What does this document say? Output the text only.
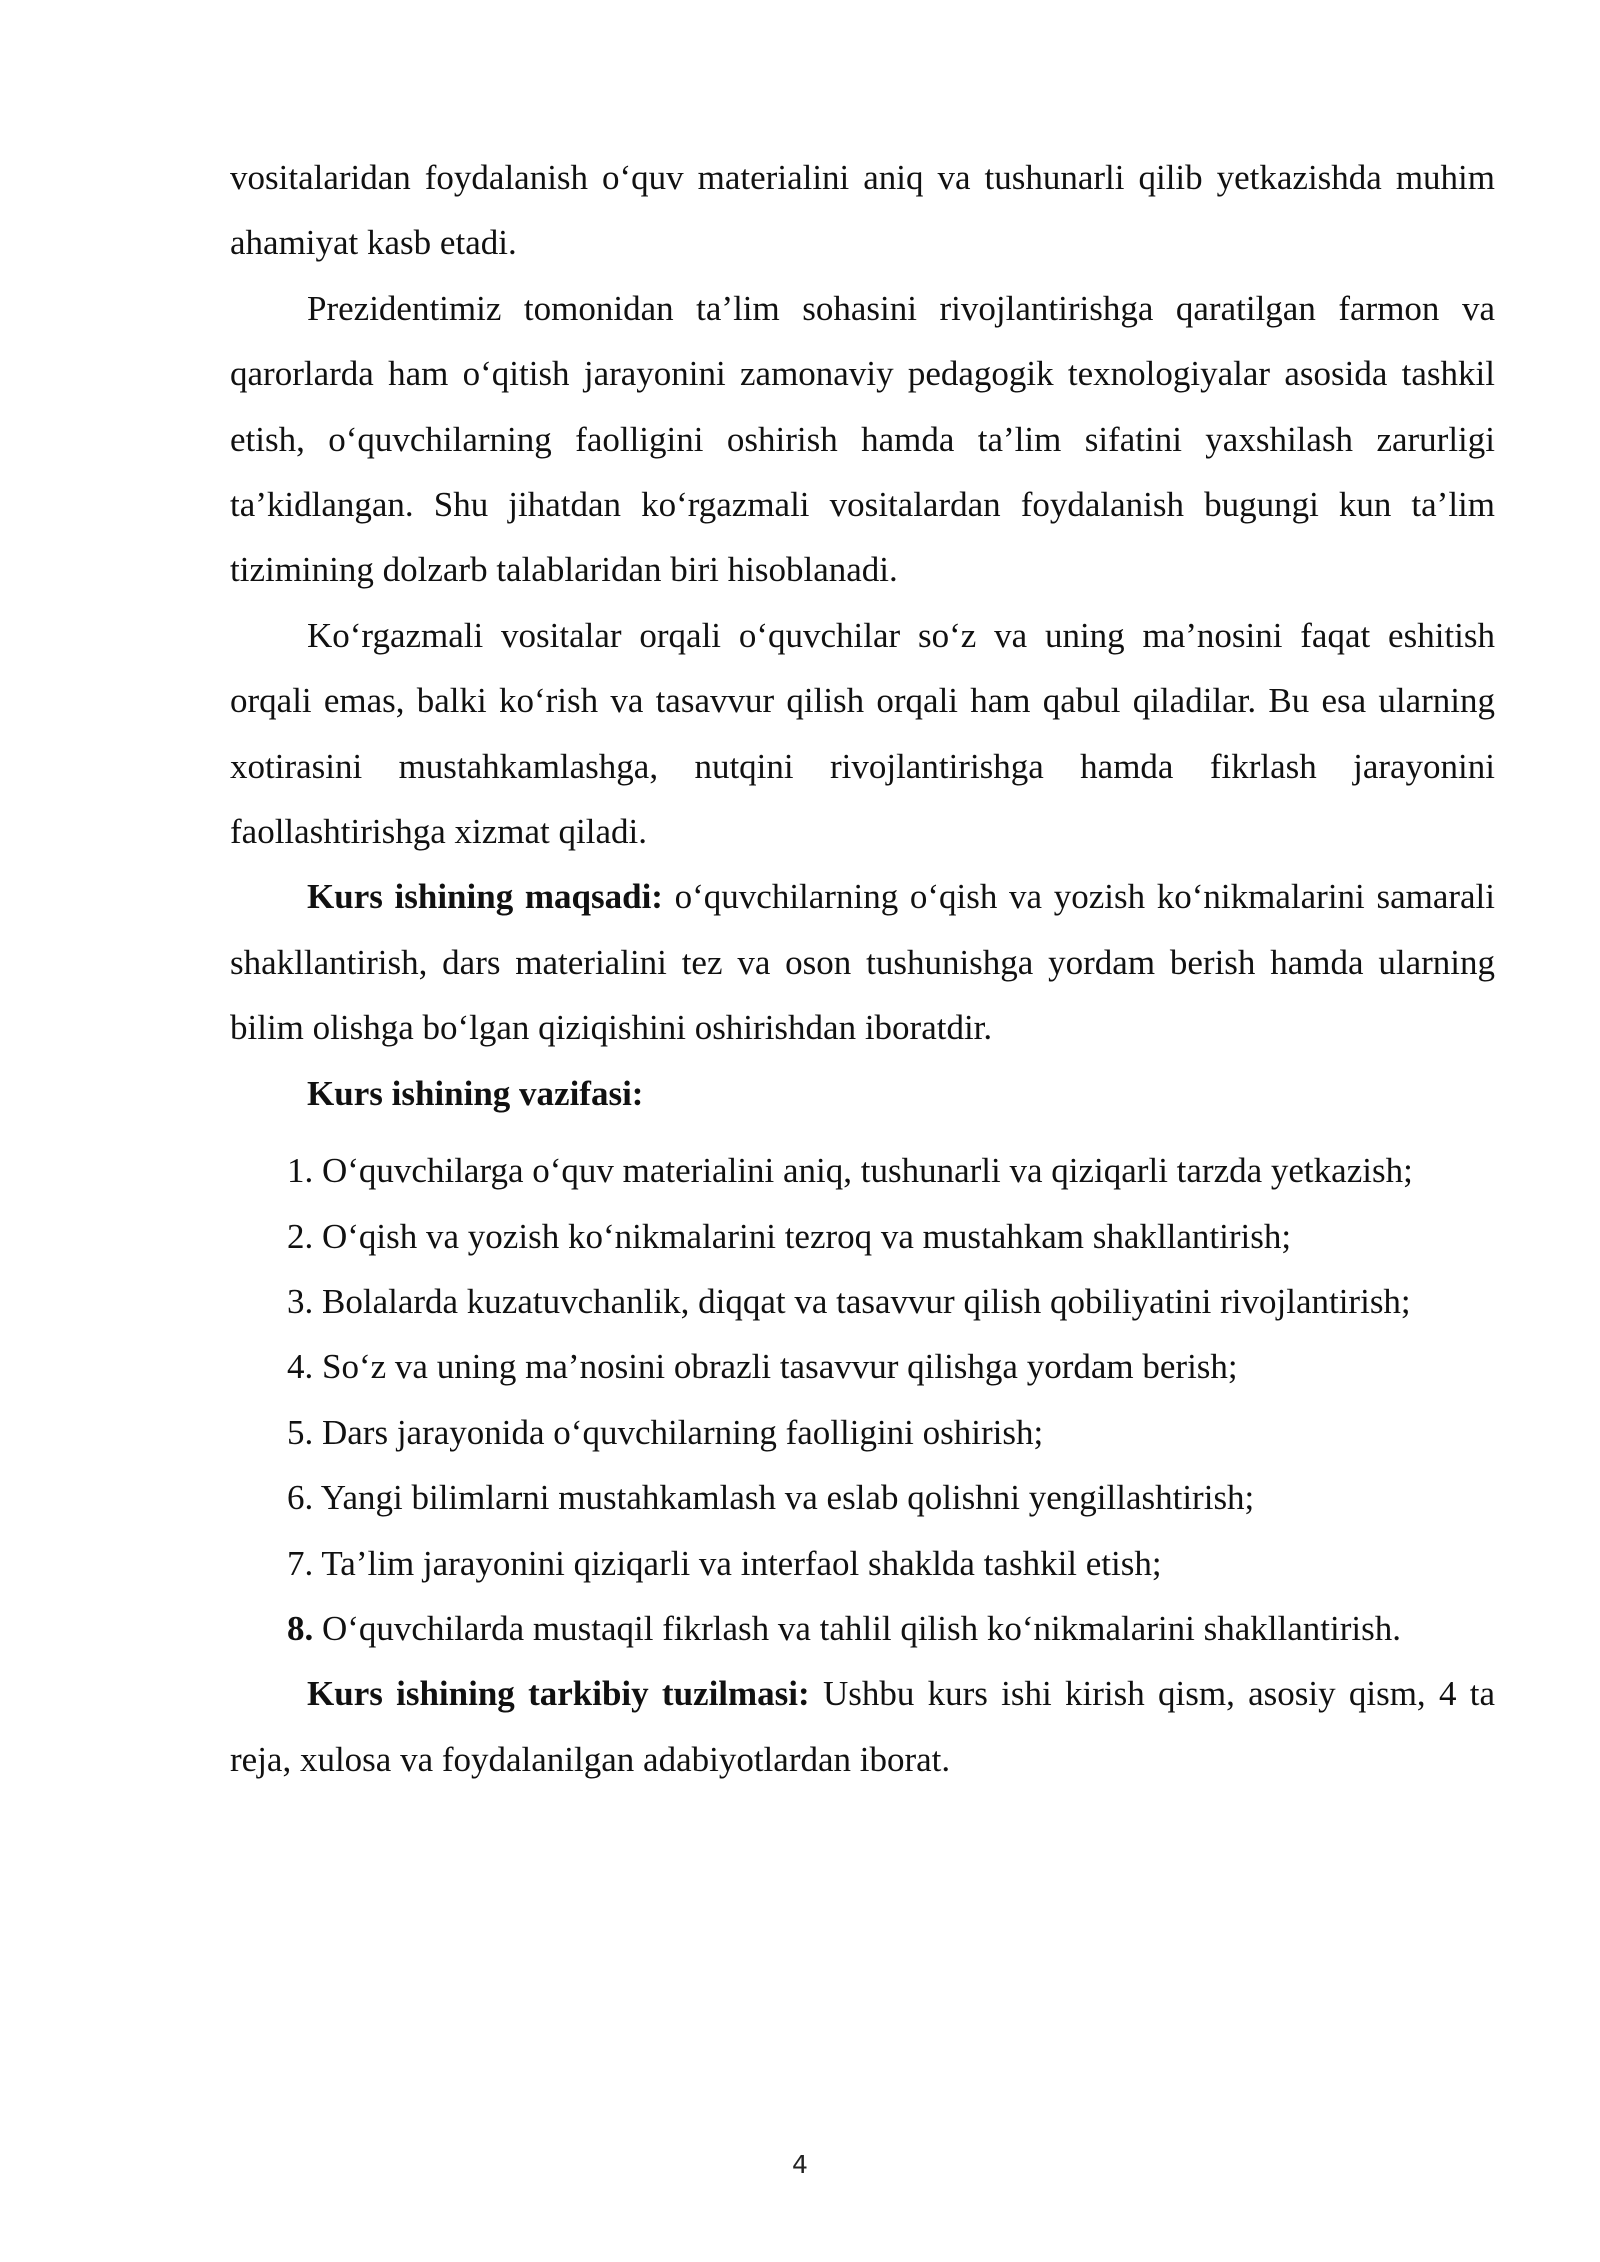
vositalaridan foydalanish o‘quv materialini aniq va tushunarli qilib yetkazishda muhim ahamiyat kasb etadi.

Prezidentimiz tomonidan ta’lim sohasini rivojlantirishga qaratilgan farmon va qarorlarda ham o‘qitish jarayonini zamonaviy pedagogik texnologiyalar asosida tashkil etish, o‘quvchilarning faolligini oshirish hamda ta’lim sifatini yaxshilash zarurligi ta’kidlangan. Shu jihatdan ko‘rgazmali vositalardan foydalanish bugungi kun ta’lim tizimining dolzarb talablaridan biri hisoblanadi.

Ko‘rgazmali vositalar orqali o‘quvchilar so‘z va uning ma’nosini faqat eshitish orqali emas, balki ko‘rish va tasavvur qilish orqali ham qabul qiladilar. Bu esa ularning xotirasini mustahkamlashga, nutqini rivojlantirishga hamda fikrlash jarayonini faollashtirishga xizmat qiladi.

Kurs ishining maqsadi: o‘quvchilarning o‘qish va yozish ko‘nikmalarini samarali shakllantirish, dars materialini tez va oson tushunishga yordam berish hamda ularning bilim olishga bo‘lgan qiziqishini oshirishdan iboratdir.

Kurs ishining vazifasi:

1. O‘quvchilarga o‘quv materialini aniq, tushunarli va qiziqarli tarzda yetkazish;
2. O‘qish va yozish ko‘nikmalarini tezroq va mustahkam shakllantirish;
3. Bolalarda kuzatuvchanlik, diqqat va tasavvur qilish qobiliyatini rivojlantirish;
4. So‘z va uning ma’nosini obrazli tasavvur qilishga yordam berish;
5. Dars jarayonida o‘quvchilarning faolligini oshirish;
6. Yangi bilimlarni mustahkamlash va eslab qolishni yengillashtirish;
7. Ta’lim jarayonini qiziqarli va interfaol shaklda tashkil etish;
8. O‘quvchilarda mustaqil fikrlash va tahlil qilish ko‘nikmalarini shakllantirish.

Kurs ishining tarkibiy tuzilmasi: Ushbu kurs ishi kirish qism, asosiy qism, 4 ta reja, xulosa va foydalanilgan adabiyotlardan iborat.

4
